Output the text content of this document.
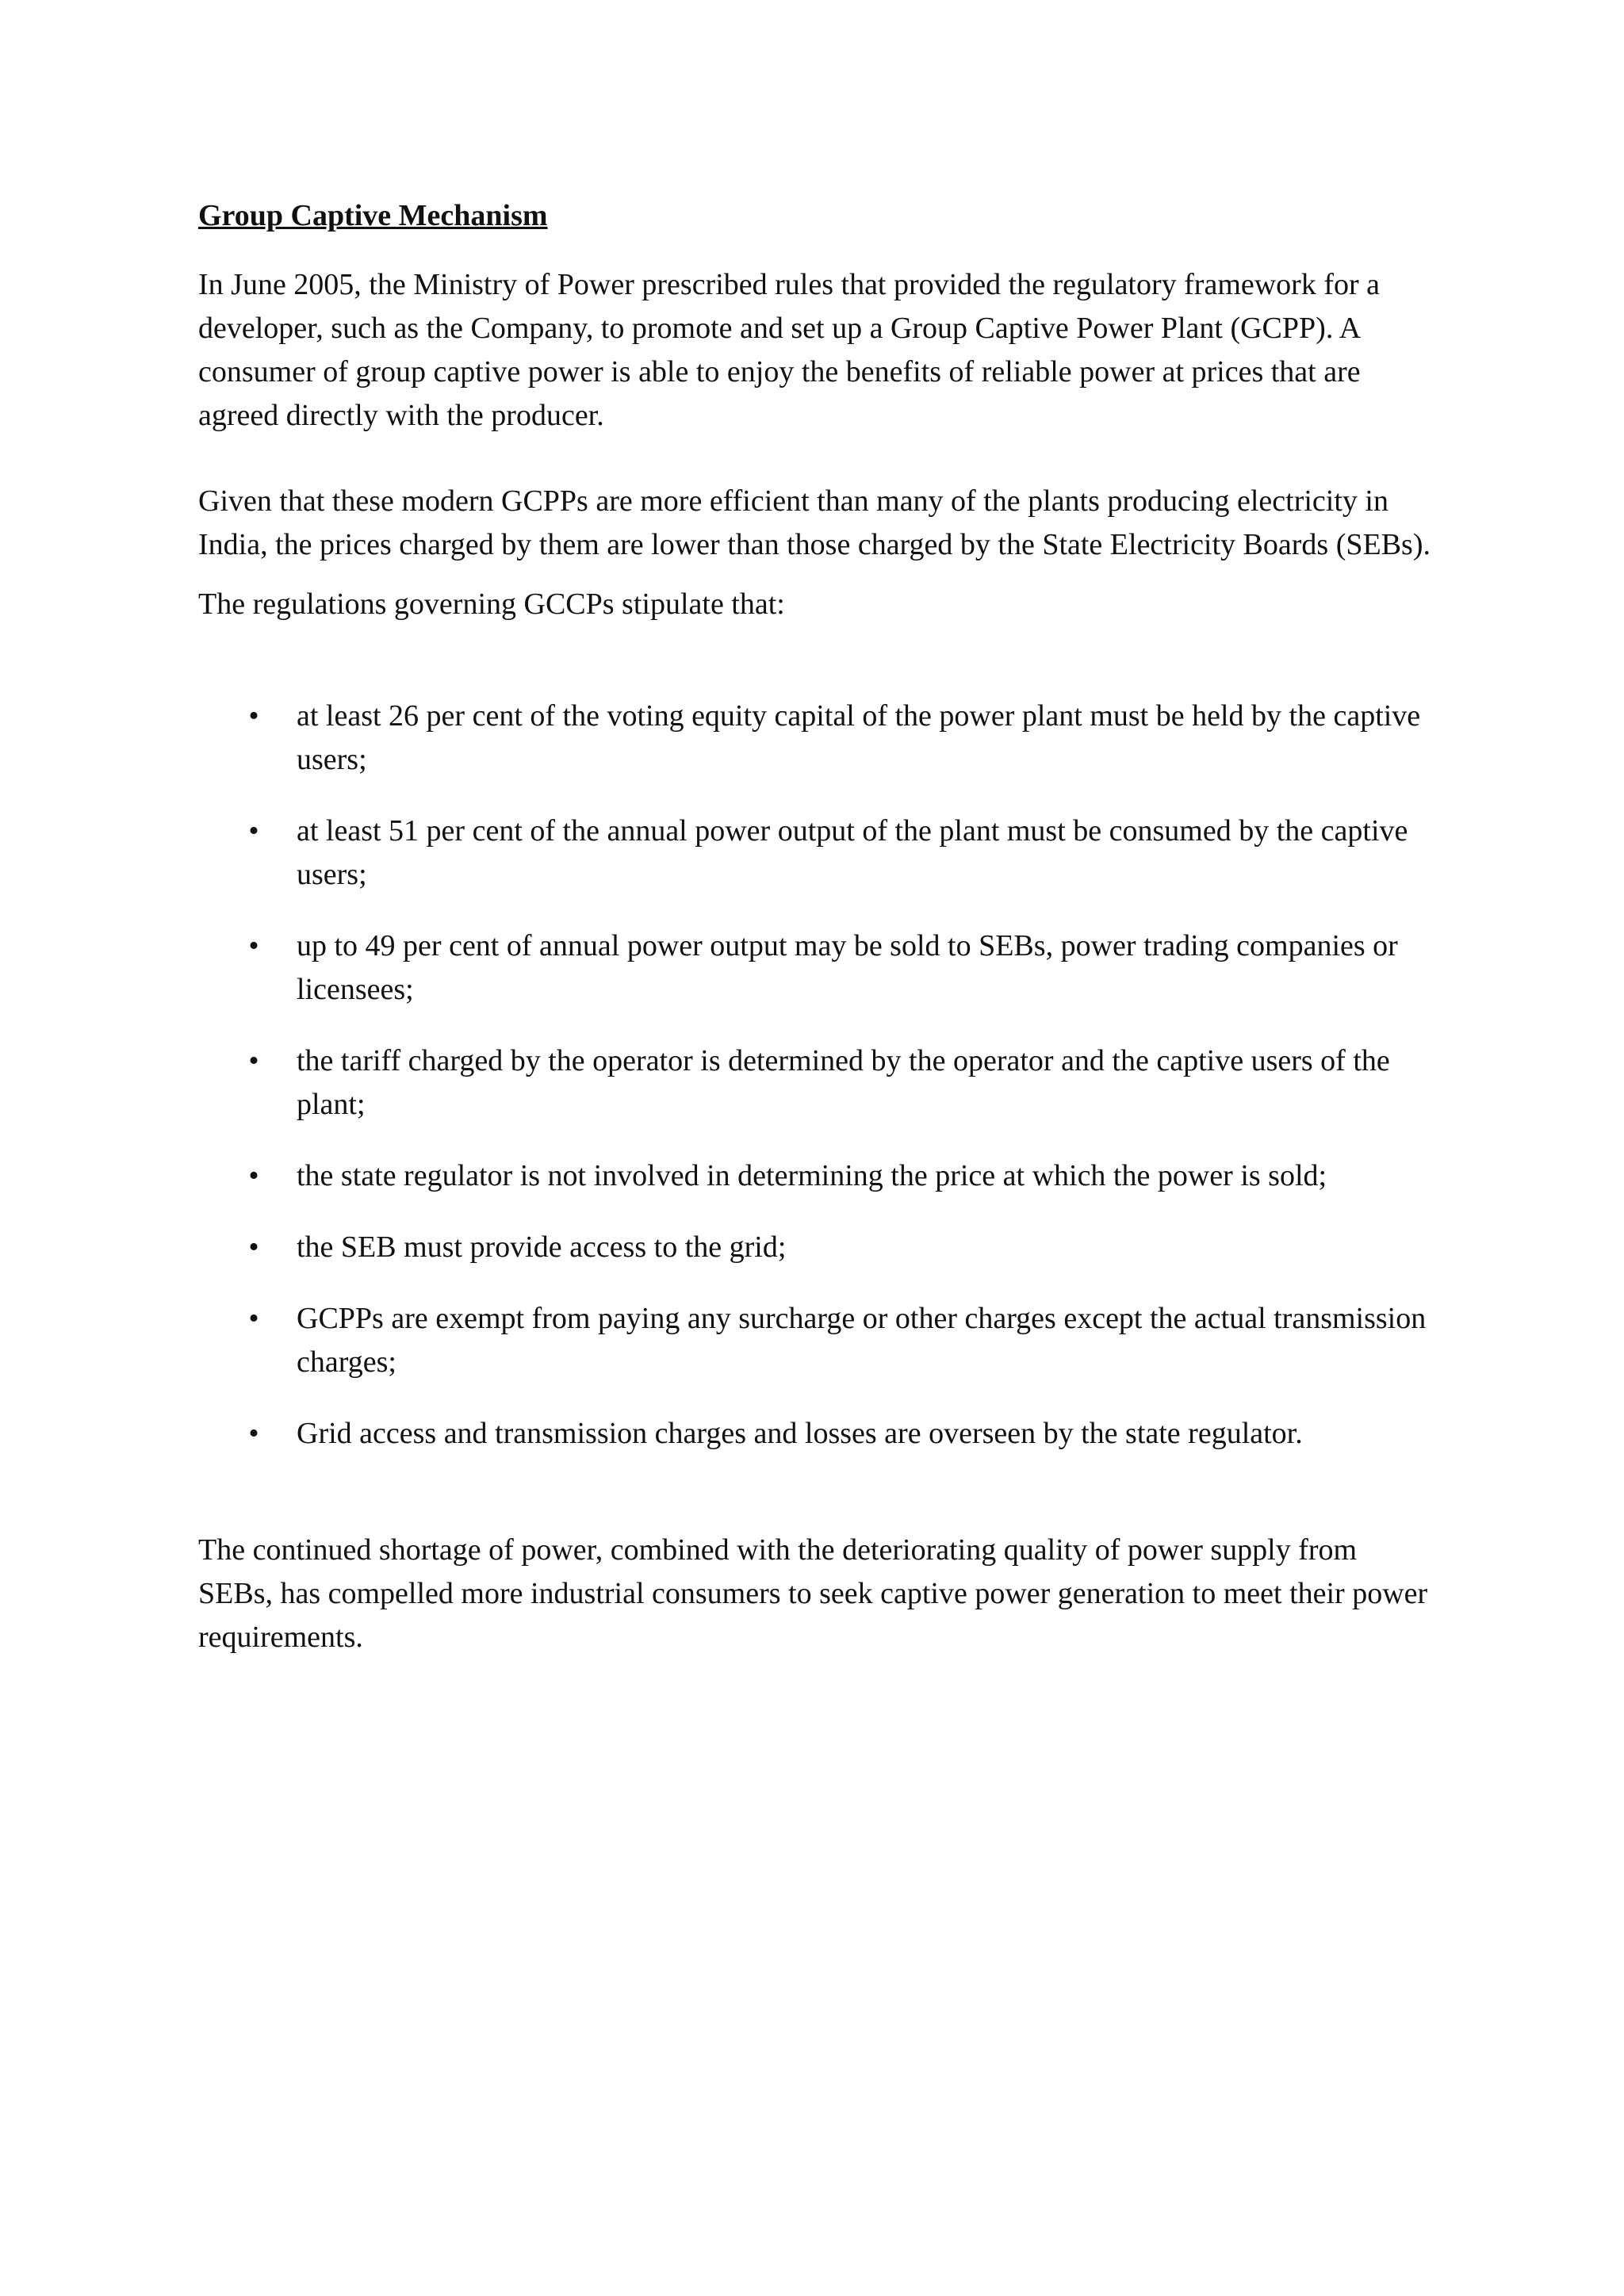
Group Captive Mechanism

In June 2005, the Ministry of Power prescribed rules that provided the regulatory framework for a developer, such as the Company, to promote and set up a Group Captive Power Plant (GCPP). A consumer of group captive power is able to enjoy the benefits of reliable power at prices that are agreed directly with the producer.

Given that these modern GCPPs are more efficient than many of the plants producing electricity in India, the prices charged by them are lower than those charged by the State Electricity Boards (SEBs).

The regulations governing GCCPs stipulate that:

• at least 26 per cent of the voting equity capital of the power plant must be held by the captive users;
• at least 51 per cent of the annual power output of the plant must be consumed by the captive users;
• up to 49 per cent of annual power output may be sold to SEBs, power trading companies or licensees;
• the tariff charged by the operator is determined by the operator and the captive users of the plant;
• the state regulator is not involved in determining the price at which the power is sold;
• the SEB must provide access to the grid;
• GCPPs are exempt from paying any surcharge or other charges except the actual transmission charges;
• Grid access and transmission charges and losses are overseen by the state regulator.

The continued shortage of power, combined with the deteriorating quality of power supply from SEBs, has compelled more industrial consumers to seek captive power generation to meet their power requirements.
